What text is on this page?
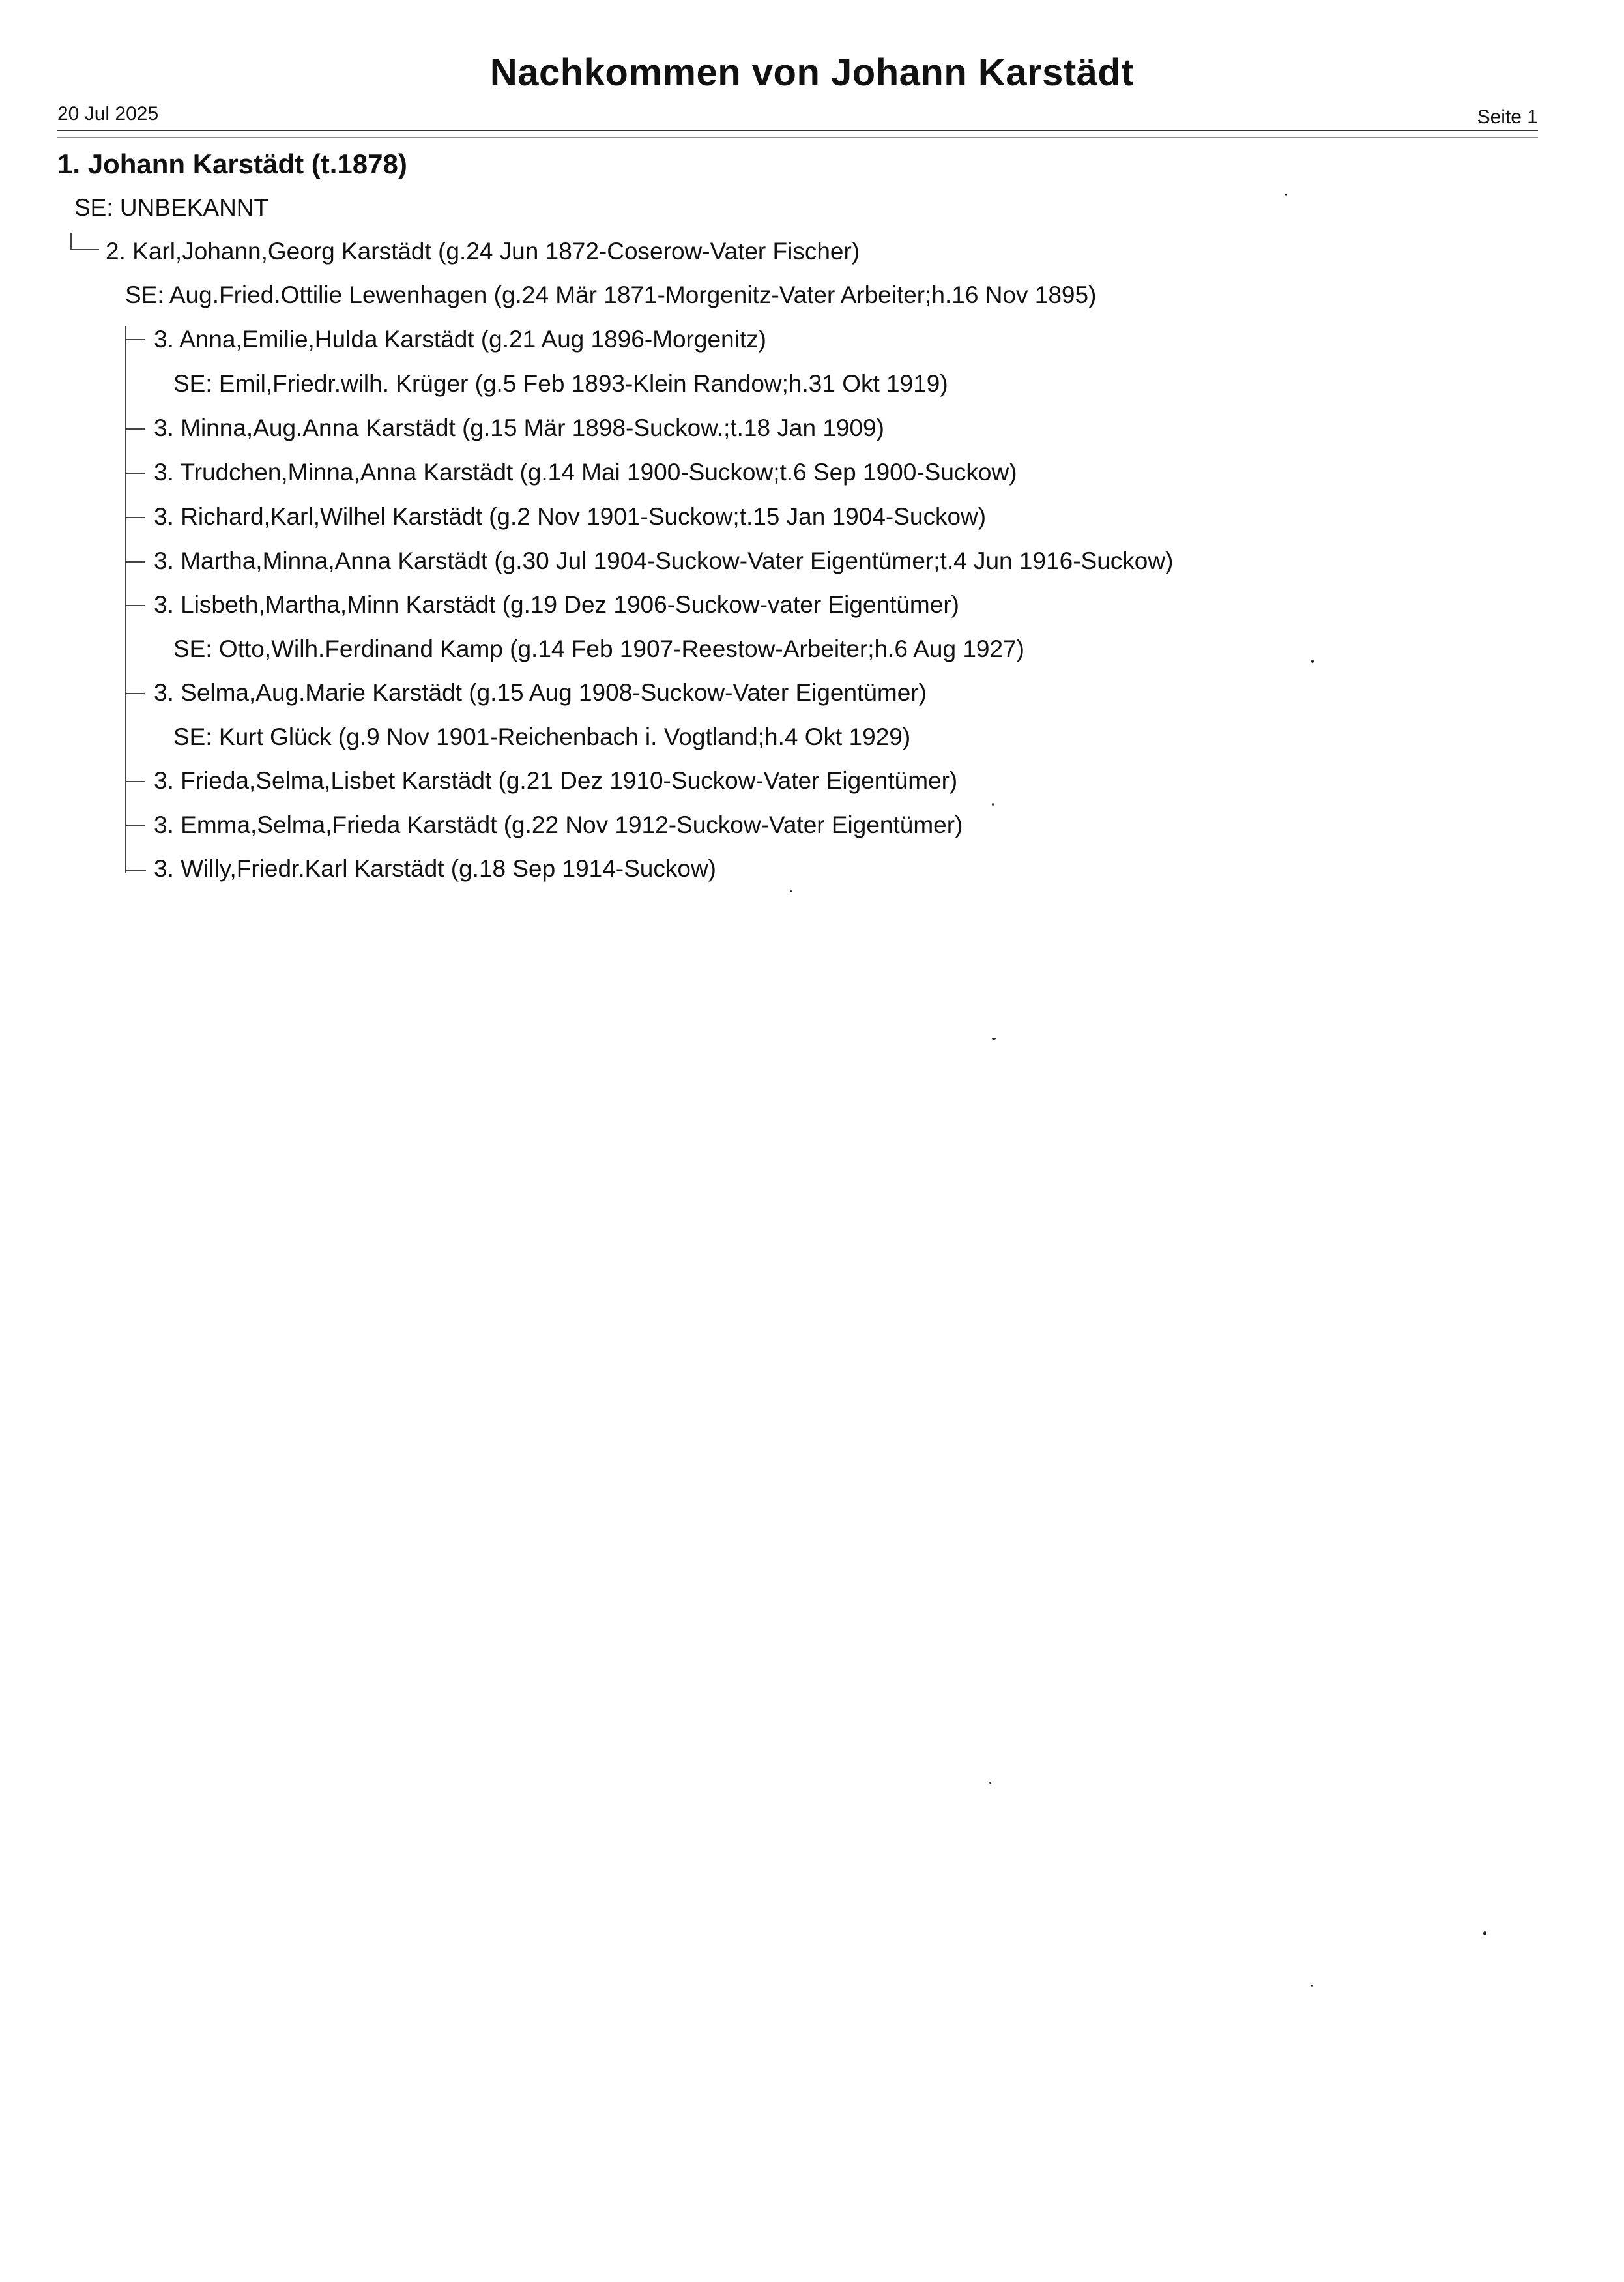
Nachkommen von Johann Karstädt
20 Jul 2025	Seite 1
1. Johann Karstädt (t.1878)
SE: UNBEKANNT
2. Karl,Johann,Georg Karstädt (g.24 Jun 1872-Coserow-Vater Fischer)
SE: Aug.Fried.Ottilie Lewenhagen (g.24 Mär 1871-Morgenitz-Vater Arbeiter;h.16 Nov 1895)
3. Anna,Emilie,Hulda Karstädt (g.21 Aug 1896-Morgenitz)
SE: Emil,Friedr.wilh. Krüger (g.5 Feb 1893-Klein Randow;h.31 Okt 1919)
3. Minna,Aug.Anna Karstädt (g.15 Mär 1898-Suckow.;t.18 Jan 1909)
3. Trudchen,Minna,Anna Karstädt (g.14 Mai 1900-Suckow;t.6 Sep 1900-Suckow)
3. Richard,Karl,Wilhel Karstädt (g.2 Nov 1901-Suckow;t.15 Jan 1904-Suckow)
3. Martha,Minna,Anna Karstädt (g.30 Jul 1904-Suckow-Vater Eigentümer;t.4 Jun 1916-Suckow)
3. Lisbeth,Martha,Minn Karstädt (g.19 Dez 1906-Suckow-vater Eigentümer)
SE: Otto,Wilh.Ferdinand Kamp (g.14 Feb 1907-Reestow-Arbeiter;h.6 Aug 1927)
3. Selma,Aug.Marie Karstädt (g.15 Aug 1908-Suckow-Vater Eigentümer)
SE: Kurt Glück (g.9 Nov 1901-Reichenbach i. Vogtland;h.4 Okt 1929)
3. Frieda,Selma,Lisbet Karstädt (g.21 Dez 1910-Suckow-Vater Eigentümer)
3. Emma,Selma,Frieda Karstädt (g.22 Nov 1912-Suckow-Vater Eigentümer)
3. Willy,Friedr.Karl Karstädt (g.18 Sep 1914-Suckow)
